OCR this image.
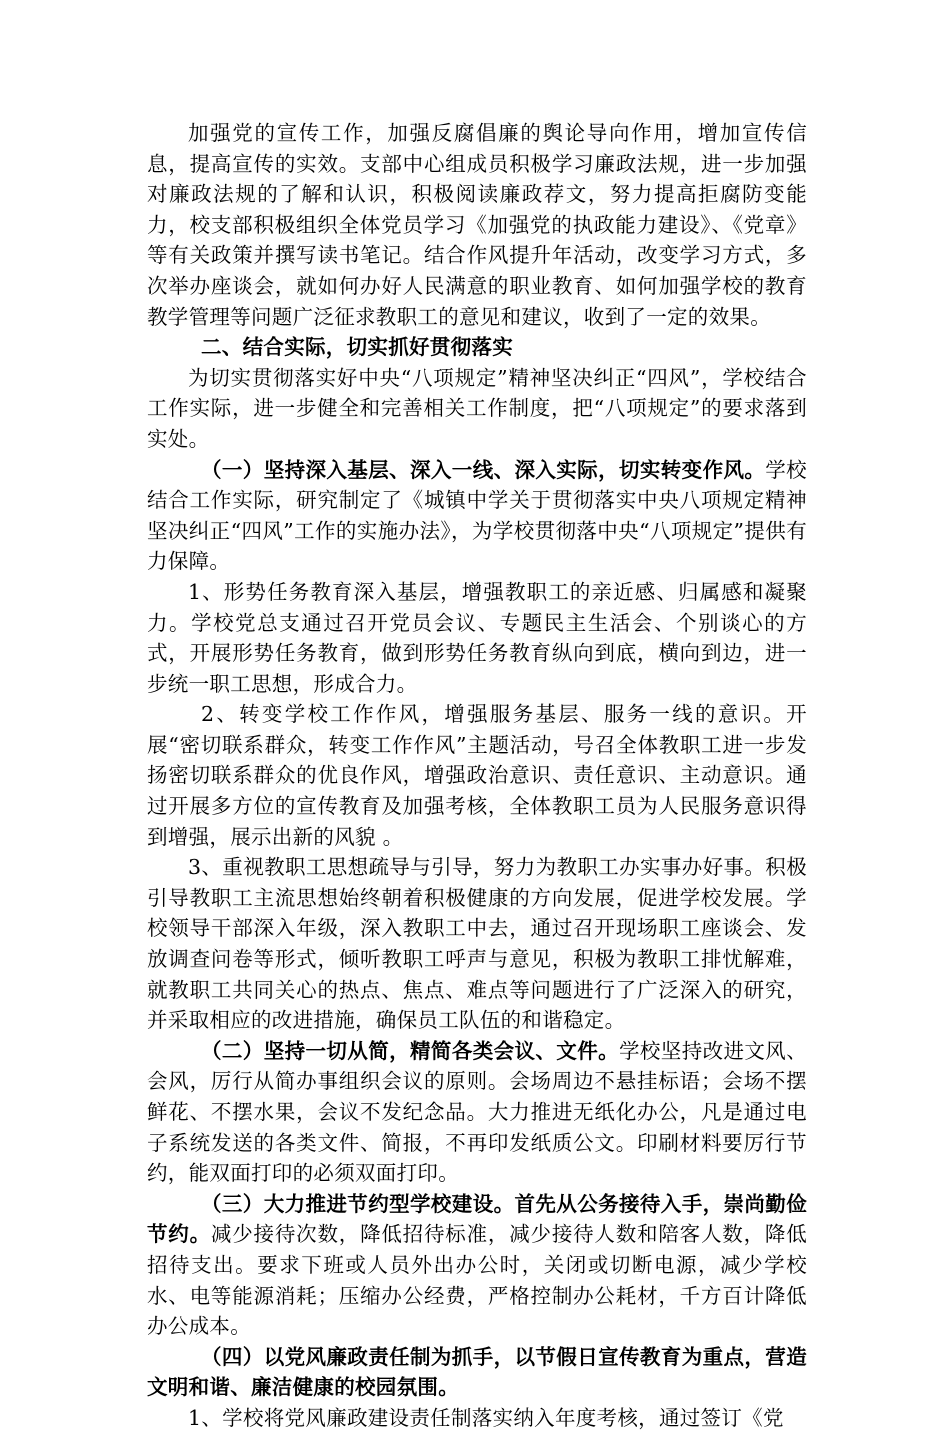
加强党的宣传工作，加强反腐倡廉的舆论导向作用，增加宣传信息，提高宣传的实效。支部中心组成员积极学习廉政法规，进一步加强对廉政法规的了解和认识，积极阅读廉政荐文，努力提高拒腐防变能力，校支部积极组织全体党员学习《加强党的执政能力建设》、《党章》等有关政策并撰写读书笔记。结合作风提升年活动，改变学习方式，多次举办座谈会，就如何办好人民满意的职业教育、如何加强学校的教育教学管理等问题广泛征求教职工的意见和建议，收到了一定的效果。

二、结合实际，切实抓好贯彻落实

为切实贯彻落实好中央“八项规定”精神坚决纠正“四风”，学校结合工作实际，进一步健全和完善相关工作制度，把“八项规定”的要求落到实处。

（一）坚持深入基层、深入一线、深入实际，切实转变作风。学校结合工作实际，研究制定了《城镇中学关于贯彻落实中央八项规定精神坚决纠正“四风”工作的实施办法》，为学校贯彻落中央“八项规定”提供有力保障。

1、形势任务教育深入基层，增强教职工的亲近感、归属感和凝聚力。学校党总支通过召开党员会议、专题民主生活会、个别谈心的方式，开展形势任务教育，做到形势任务教育纵向到底，横向到边，进一步统一职工思想，形成合力。

2、转变学校工作作风，增强服务基层、服务一线的意识。开展“密切联系群众，转变工作作风”主题活动，号召全体教职工进一步发扬密切联系群众的优良作风，增强政治意识、责任意识、主动意识。通过开展多方位的宣传教育及加强考核，全体教职工员为人民服务意识得到增强，展示出新的风貌 。

3、重视教职工思想疏导与引导，努力为教职工办实事办好事。积极引导教职工主流思想始终朝着积极健康的方向发展，促进学校发展。学校领导干部深入年级，深入教职工中去，通过召开现场职工座谈会、发放调查问卷等形式，倾听教职工呼声与意见，积极为教职工排忧解难，就教职工共同关心的热点、焦点、难点等问题进行了广泛深入的研究，并采取相应的改进措施，确保员工队伍的和谐稳定。

（二）坚持一切从简，精简各类会议、文件。学校坚持改进文风、会风，厉行从简办事组织会议的原则。会场周边不悬挂标语；会场不摆鲜花、不摆水果，会议不发纪念品。大力推进无纸化办公，凡是通过电子系统发送的各类文件、简报，不再印发纸质公文。印刷材料要厉行节约，能双面打印的必须双面打印。

（三）大力推进节约型学校建设。首先从公务接待入手，崇尚勤俭节约。减少接待次数，降低招待标准，减少接待人数和陪客人数，降低招待支出。要求下班或人员外出办公时，关闭或切断电源，减少学校水、电等能源消耗；压缩办公经费，严格控制办公耗材，千方百计降低办公成本。

（四）以党风廉政责任制为抓手，以节假日宣传教育为重点，营造文明和谐、廉洁健康的校园氛围。

1、学校将党风廉政建设责任制落实纳入年度考核，通过签订《党
